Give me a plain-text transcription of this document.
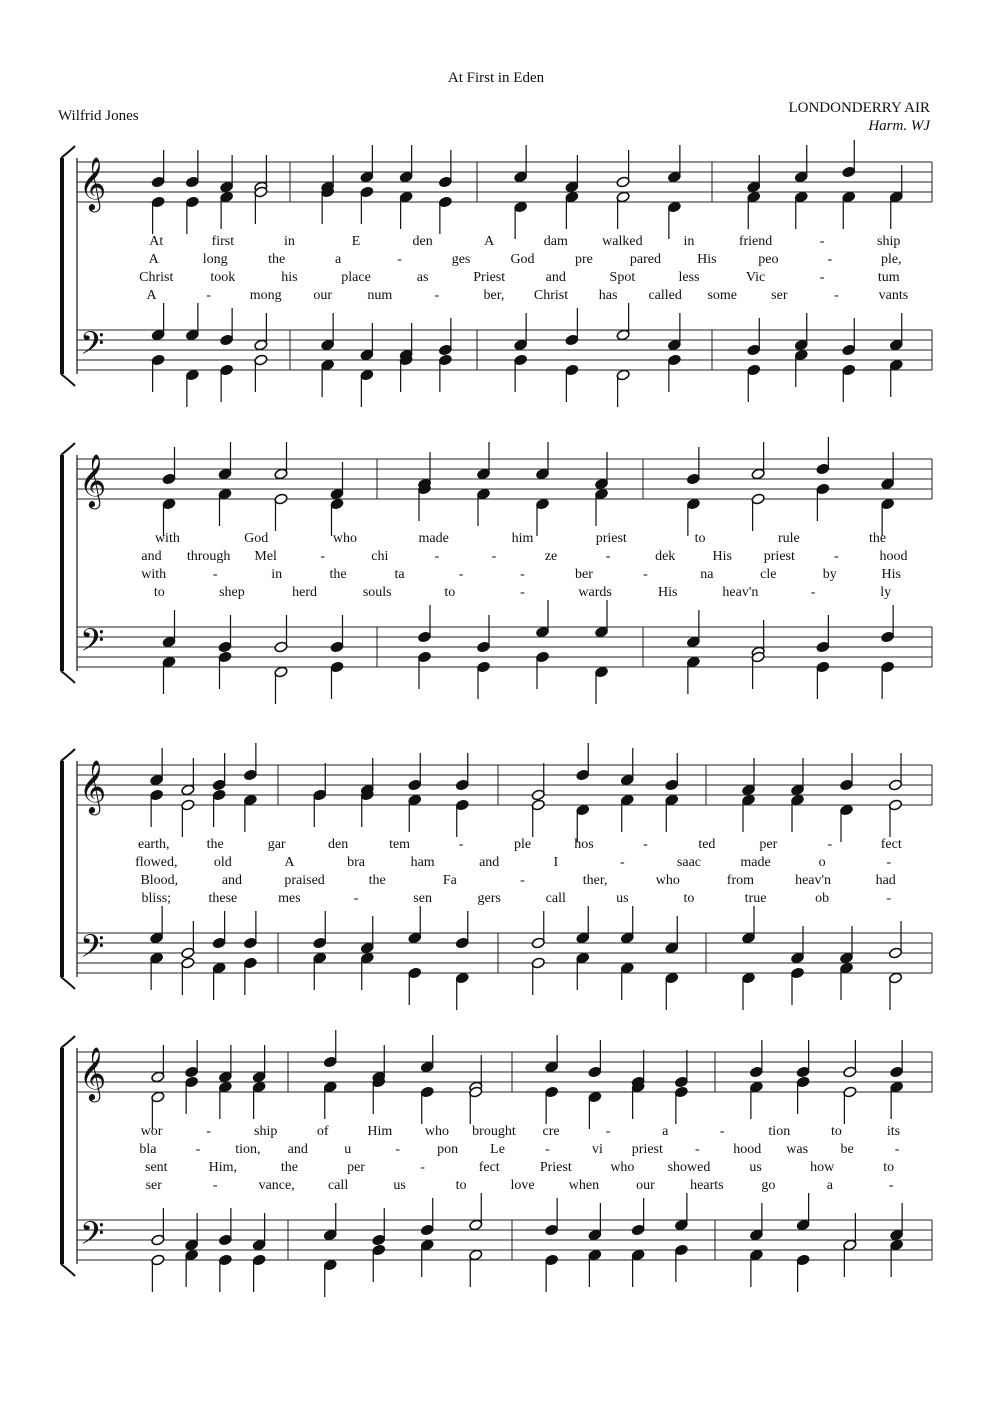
At First in Eden
Wilfrid Jones	LONDONDERRY AIR
Harm. WJ
𝄞
𝄢
At	first	in	E	den	A	dam walked	in	friend	-	ship
A	long	the	a	-	ges	God	pre	pared	His	peo	-	ple,
Christ	took	his	place	as	Priest	and	Spot	less	Vic	-	tum
A	-	mong our	num	-	ber, Christ has called some ser	-	vants
𝄞
𝄢
with	God	who	made	him	priest	to	rule	the
and through Mel	-	chi	-	-	ze	-	dek	His priest	-	hood
with	-	in	the	ta	-	-	ber	-	na	cle	by	His
to	shep	herd	souls	to	-	wards	His	heav'n	-	ly
𝄞
𝄢
earth,	the	gar	den	tem	-	ple	hos	-	ted	per	-	fect
flowed,	old	A	bra	ham	and	I	-	saac	made	o	-
Blood,	and	praised	the	Fa	-	ther,	who	from	heav'n	had
bliss;	these	mes	-	sen	gers	call	us	to	true	ob	-
𝄞
𝄢
wor	-	ship	of	Him who brought cre	-	a	-	tion	to	its
bla	- tion, and	u	-	pon Le	-	vi priest - hood was be	-
sent	Him,	the	per	-	fect	Priest	who showed	us	how	to
ser	-	vance, call	us	to	love when	our	hearts	go	a	-
